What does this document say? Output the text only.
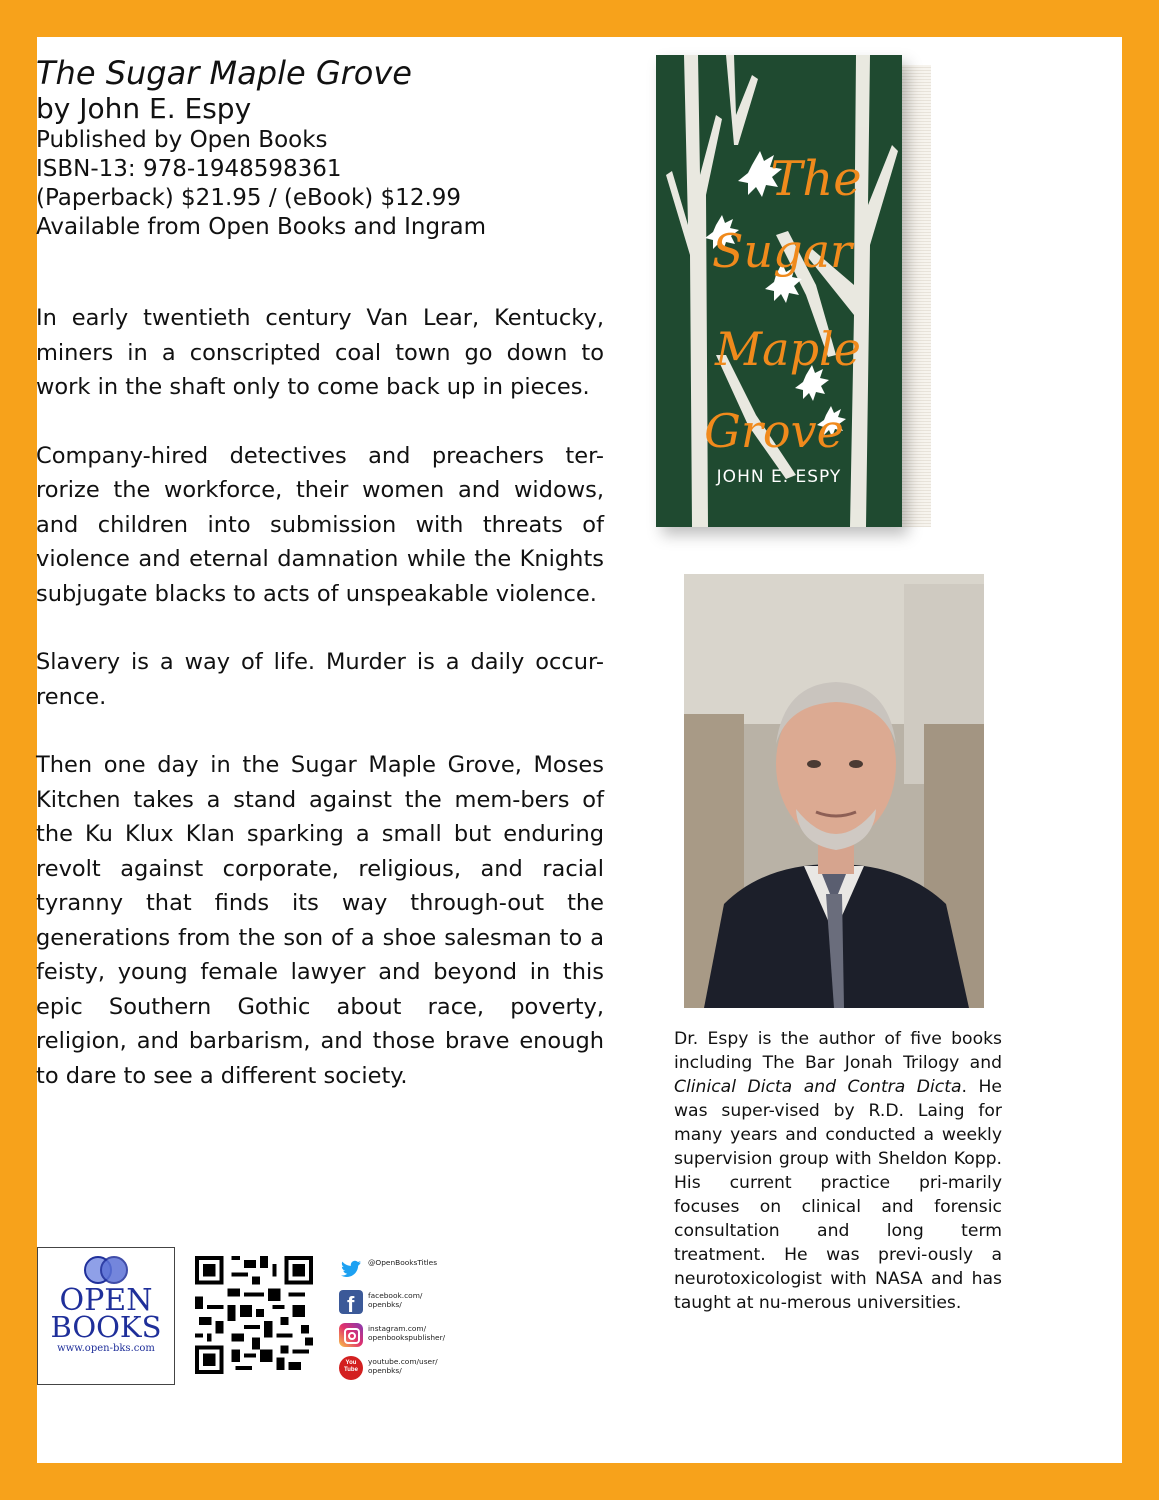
The Sugar Maple Grove
by John E. Espy
Published by Open Books
ISBN-13: 978-1948598361
(Paperback) $21.95 / (eBook) $12.99
Available from Open Books and Ingram

In early twentieth century Van Lear, Kentucky, miners in a conscripted coal town go down to work in the shaft only to come back up in pieces.

Company-hired detectives and preachers ter-rorize the workforce, their women and widows, and children into submission with threats of violence and eternal damnation while the Knights subjugate blacks to acts of unspeakable violence.

Slavery is a way of life. Murder is a daily occur-rence.

Then one day in the Sugar Maple Grove, Moses Kitchen takes a stand against the mem-bers of the Ku Klux Klan sparking a small but enduring revolt against corporate, religious, and racial tyranny that finds its way through-out the generations from the son of a shoe salesman to a feisty, young female lawyer and beyond in this epic Southern Gothic about race, poverty, religion, and barbarism, and those brave enough to dare to see a different society.

The
Sugar
Maple
Grove
JOHN E. ESPY
Dr. Espy is the author of five books including The Bar Jonah Trilogy and Clinical Dicta and Contra Dicta. He was super-vised by R.D. Laing for many years and conducted a weekly supervision group with Sheldon Kopp. His current practice pri-marily focuses on clinical and forensic consultation and long term treatment. He was previ-ously a neurotoxicologist with NASA and has taught at nu-merous universities.
OPEN
BOOKS
www.open-bks.com
@OpenBooksTitles
f facebook.com/
openbks/
instagram.com/
openbookspublisher/
You
Tube
youtube.com/user/
openbks/
